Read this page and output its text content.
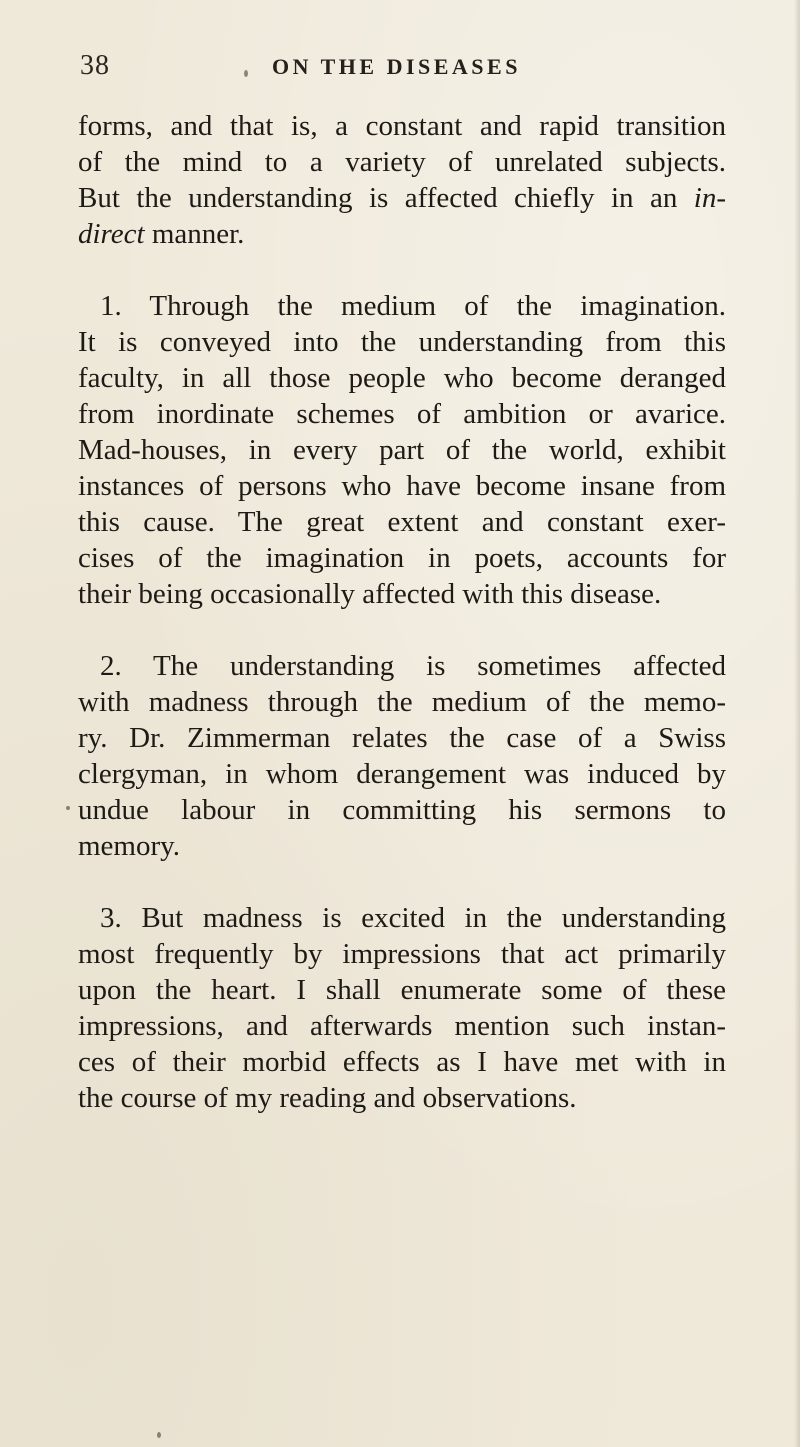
38	ON THE DISEASES

forms, and that is, a constant and rapid transition
of the mind to a variety of unrelated subjects.
But the understanding is affected chiefly in an in-
direct manner.

1. Through the medium of the imagination.
It is conveyed into the understanding from this
faculty, in all those people who become deranged
from inordinate schemes of ambition or avarice.
Mad-houses, in every part of the world, exhibit
instances of persons who have become insane from
this cause. The great extent and constant exer-
cises of the imagination in poets, accounts for
their being occasionally affected with this disease.

2. The understanding is sometimes affected
with madness through the medium of the memo-
ry. Dr. Zimmerman relates the case of a Swiss
clergyman, in whom derangement was induced by
undue labour in committing his sermons to
memory.

3. But madness is excited in the understanding
most frequently by impressions that act primarily
upon the heart. I shall enumerate some of these
impressions, and afterwards mention such instan-
ces of their morbid effects as I have met with in
the course of my reading and observations.
